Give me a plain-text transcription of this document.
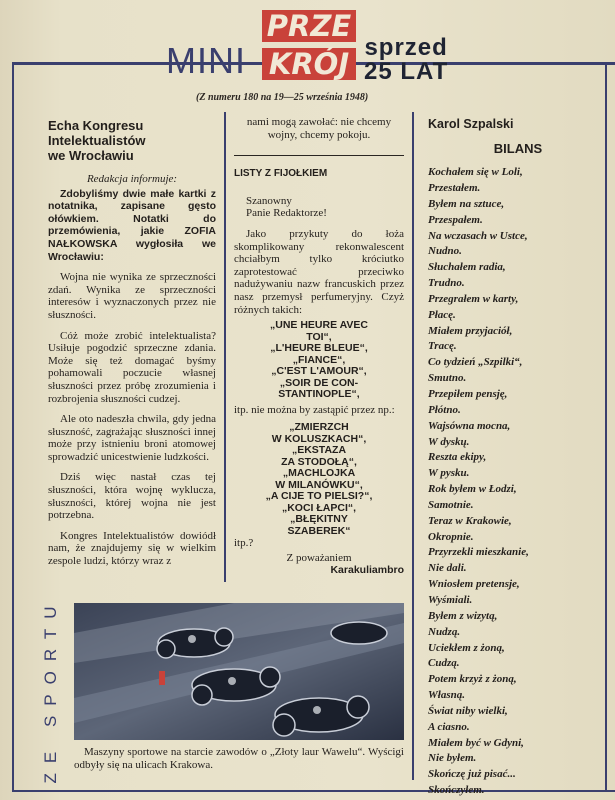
MINI
PRZE
KRÓJ sprzed
25 LAT
(Z numeru 180 na 19—25 września 1948)
Echa Kongresu
Intelektualistów
we Wrocławiu
Redakcja informuje:
Zdobyliśmy dwie małe kartki z notatnika, zapisane gęsto ołówkiem. Notatki do przemówienia, jakie ZOFIA NAŁKOWSKA wygłosiła we Wrocławiu:

Wojna nie wynika ze sprzeczności zdań. Wynika ze sprzeczności interesów i wyznaczonych przez nie słuszności.

Cóż może zrobić intelektualista? Usiłuje pogodzić sprzeczne zdania. Może się też domagać byśmy pohamowali poczucie własnej słuszności przez próbę zrozumienia i rozbrojenia słuszności cudzej.

Ale oto nadeszła chwila, gdy jedna słuszność, zagrażając słuszności innej może przy istnieniu broni atomowej sprowadzić unicestwienie ludzkości.

Dziś więc nastał czas tej słuszności, która wojnę wyklucza, słuszności, której wojna nie jest potrzebna.

Kongres Intelektualistów dowiódł nam, że znajdujemy się w wielkim zespole ludzi, którzy wraz z

nami mogą zawołać: nie chcemy wojny, chcemy pokoju.
LISTY Z FIJOŁKIEM
Szanowny
Panie Redaktorze!

Jako przykuty do łoża skomplikowany rekonwalescent chciałbym tylko króciutko zaprotestować przeciwko nadużywaniu nazw francuskich przez nasz przemysł perfumeryjny. Czyż różnych takich:

„UNE HEURE AVEC
TOI“,
„L'HEURE BLEUE“,
„FIANCE“,
„C'EST L'AMOUR“,
„SOIR DE CON-
STANTINOPLE“,
itp. nie można by zastąpić przez np.:
„ZMIERZCH
W KOLUSZKACH“,
„EKSTAZA
ZA STODOŁĄ“,
„MACHLOJKA
W MILANÓWKU“,
„A CIJE TO PIELSI?“,
„KOCI ŁAPCI“,
„BŁĘKITNY
SZABEREK“
itp.?
Z poważaniem
Karakuliambro
Karol Szpalski
BILANS
Kochałem się w Loli,
Przestałem.
Byłem na sztuce,
Przespałem.
Na wczasach w Ustce,
Nudno.
Słuchałem radia,
Trudno.
Przegrałem w karty,
Płacę.
Miałem przyjaciół,
Tracę.
Co tydzień „Szpilki“,
Smutno.
Przepiłem pensję,
Płótno.
Wajsówna mocna,
W dyskų.
Reszta ekipy,
W pysku.
Rok byłem w Łodzi,
Samotnie.
Teraz w Krakowie,
Okropnie.
Przyrzekli mieszkanie,
Nie dali.
Wniosłem pretensje,
Wyśmiali.
Byłem z wizytą,
Nudzą.
Uciekłem z żoną,
Cudzą.
Potem krzyż z żoną,
Własną.
Świat niby wielki,
A ciasno.
Miałem być w Gdyni,
Nie byłem.
Skończę już pisać...
Skończyłem.
ZE SPORTU	Maszyny sportowe na starcie zawodów o „Złoty laur Wawelu“. Wyścigi odbyły się na ulicach Krakowa.
